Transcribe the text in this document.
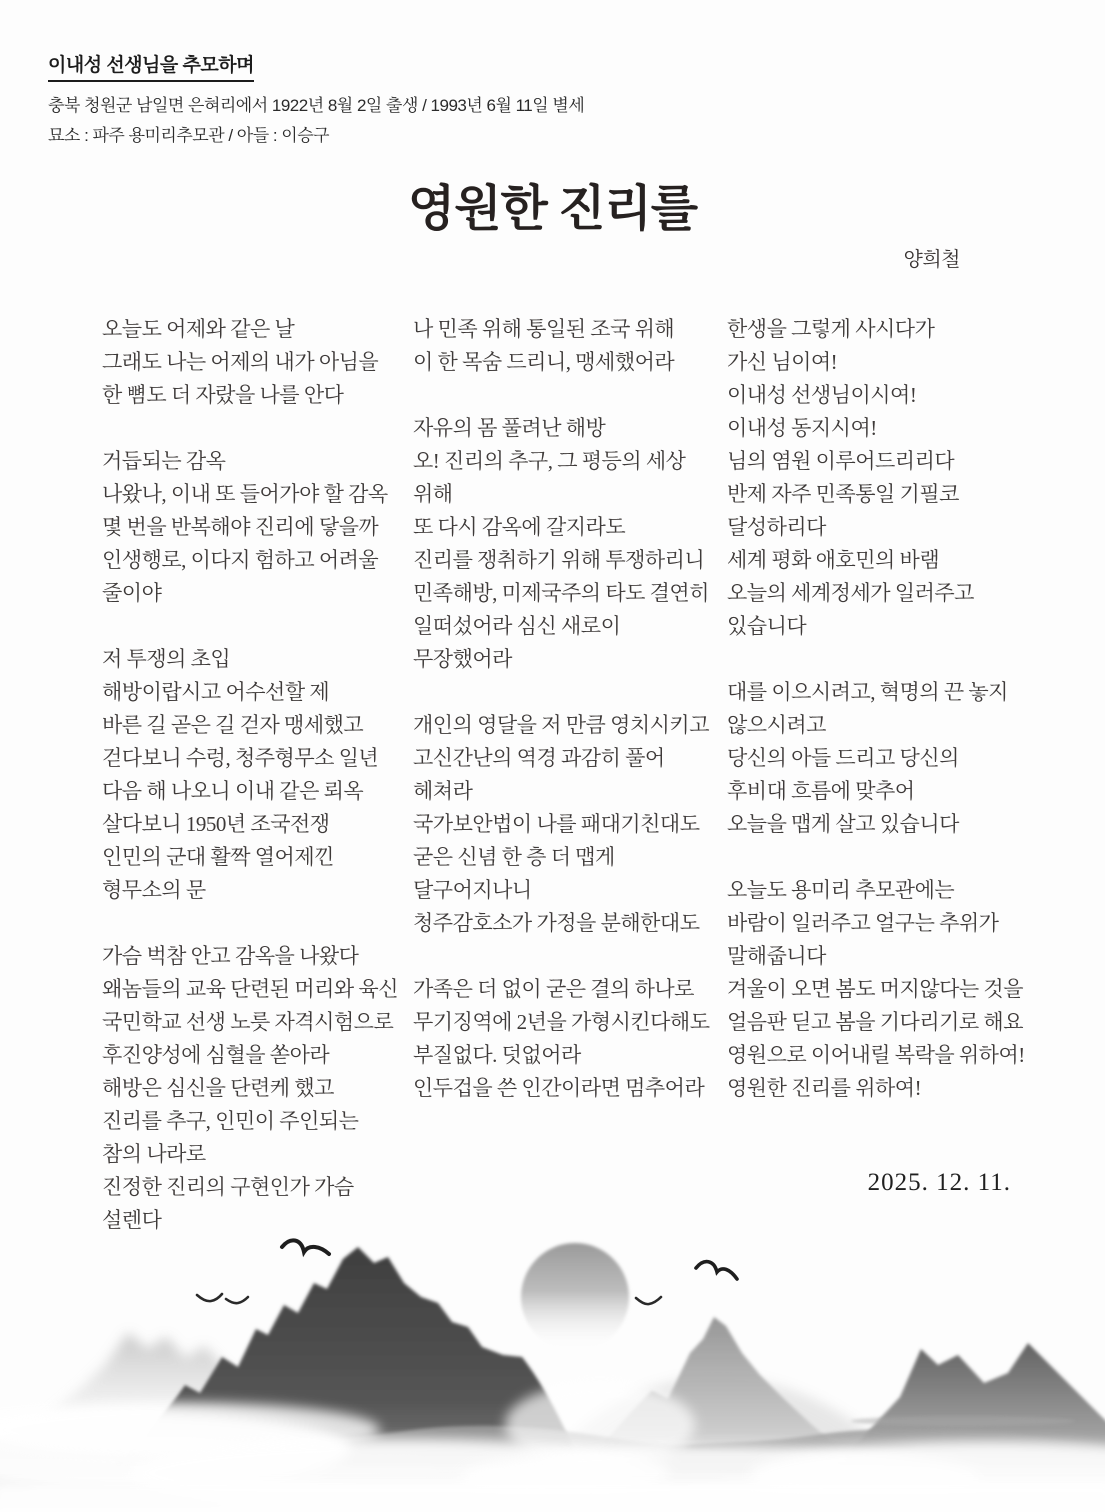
이내성 선생님을 추모하며
충북 청원군 남일면 은혀리에서 1922년 8월 2일 출생 / 1993년 6월 11일 별세
묘소 : 파주 용미리추모관 / 아들 : 이승구
영원한 진리를
양희철
오늘도 어제와 같은 날
그래도 나는 어제의 내가 아님을
한 뼘도 더 자랐을 나를 안다
거듭되는 감옥
나왔나, 이내 또 들어가야 할 감옥
몇 번을 반복해야 진리에 닿을까
인생행로, 이다지 험하고 어려울
줄이야
저 투쟁의 초입
해방이랍시고 어수선할 제
바른 길 곧은 길 걷자 맹세했고
걷다보니 수렁, 청주형무소 일년
다음 해 나오니 이내 같은 뢰옥
살다보니 1950년 조국전쟁
인민의 군대 활짝 열어제낀
형무소의 문
가슴 벅참 안고 감옥을 나왔다
왜놈들의 교육 단련된 머리와 육신
국민학교 선생 노릇 자격시험으로
후진양성에 심혈을 쏟아라
해방은 심신을 단련케 했고
진리를 추구, 인민이 주인되는
참의 나라로
진정한 진리의 구현인가 가슴
설렌다
나 민족 위해 통일된 조국 위해
이 한 목숨 드리니, 맹세했어라
자유의 몸 풀려난 해방
오! 진리의 추구, 그 평등의 세상
위해
또 다시 감옥에 갈지라도
진리를 쟁취하기 위해 투쟁하리니
민족해방, 미제국주의 타도 결연히
일떠섰어라 심신 새로이
무장했어라
개인의 영달을 저 만큼 영치시키고
고신간난의 역경 과감히 풀어
헤쳐라
국가보안법이 나를 패대기친대도
굳은 신념 한 층 더 맵게
달구어지나니
청주감호소가 가정을 분해한대도
가족은 더 없이 굳은 결의 하나로
무기징역에 2년을 가형시킨다해도
부질없다. 덧없어라
인두겁을 쓴 인간이라면 멈추어라
한생을 그렇게 사시다가
가신 님이여!
이내성 선생님이시여!
이내성 동지시여!
님의 염원 이루어드리리다
반제 자주 민족통일 기필코
달성하리다
세계 평화 애호민의 바램
오늘의 세계정세가 일러주고
있습니다
대를 이으시려고, 혁명의 끈 놓지
않으시려고
당신의 아들 드리고 당신의
후비대 흐름에 맞추어
오늘을 맵게 살고 있습니다
오늘도 용미리 추모관에는
바람이 일러주고 얼구는 추위가
말해줍니다
겨울이 오면 봄도 머지않다는 것을
얼음판 딛고 봄을 기다리기로 해요
영원으로 이어내릴 복락을 위하여!
영원한 진리를 위하여!
2025. 12. 11.
